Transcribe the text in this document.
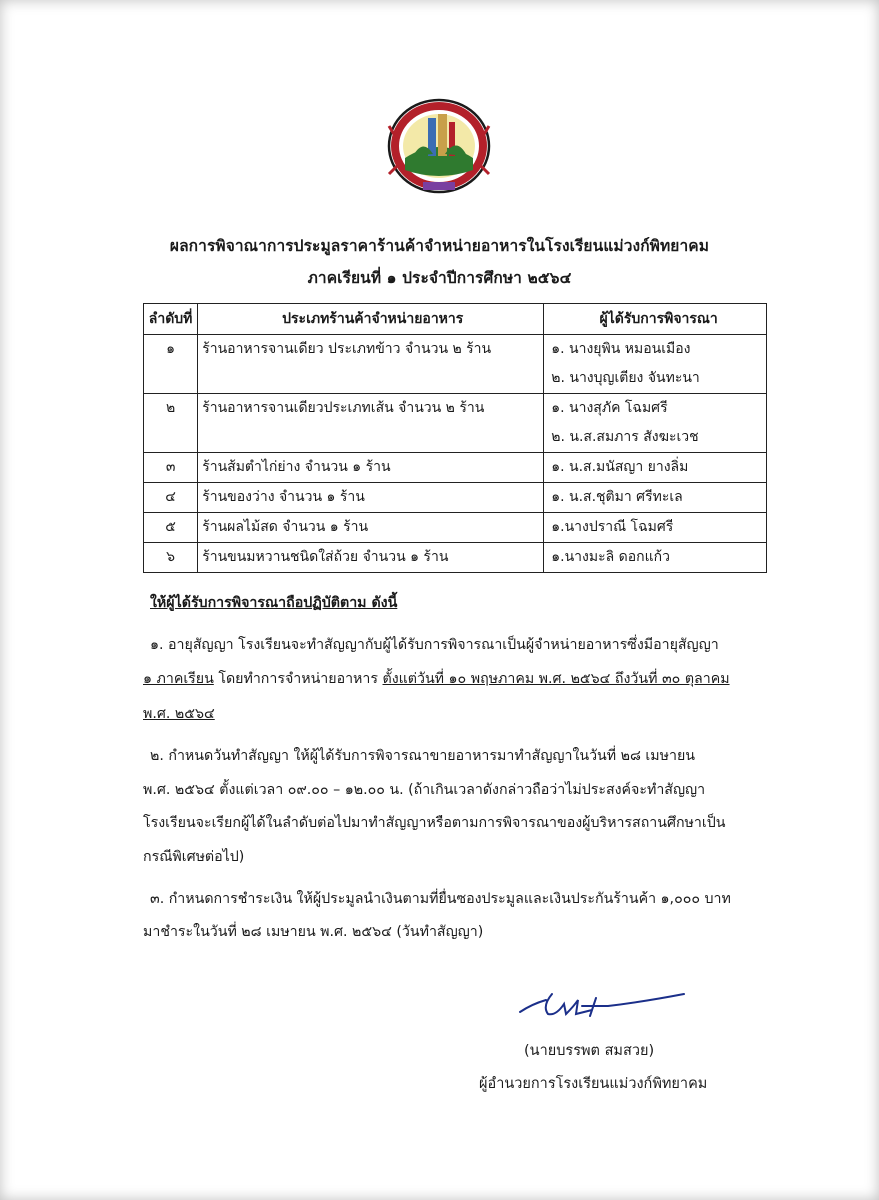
ผลการพิจาณาการประมูลราคาร้านค้าจำหน่ายอาหารในโรงเรียนแม่วงก์พิทยาคม
ภาคเรียนที่ ๑ ประจำปีการศึกษา ๒๕๖๔
ลำดับที่	ประเภทร้านค้าจำหน่ายอาหาร	ผู้ได้รับการพิจารณา

๑	ร้านอาหารจานเดียว ประเภทข้าว จำนวน ๒ ร้าน	๑. นางยุพิน หมอนเมือง
๒. นางบุญเตียง จันทะนา

๒	ร้านอาหารจานเดียวประเภทเส้น จำนวน ๒ ร้าน	๑. นางสุภัค โฉมศรี
๒. น.ส.สมภาร สังฆะเวช

๓	ร้านส้มตำไก่ย่าง จำนวน ๑ ร้าน	๑. น.ส.มนัสญา ยางลิ่ม

๔	ร้านของว่าง จำนวน ๑ ร้าน	๑. น.ส.ชุติมา ศรีทะเล

๕	ร้านผลไม้สด จำนวน ๑ ร้าน	๑.นางปราณี โฉมศรี

๖	ร้านขนมหวานชนิดใส่ถ้วย จำนวน ๑ ร้าน	๑.นางมะลิ ดอกแก้ว
ให้ผู้ได้รับการพิจารณาถือปฏิบัติตาม ดังนี้
๑. อายุสัญญา โรงเรียนจะทำสัญญากับผู้ได้รับการพิจารณาเป็นผู้จำหน่ายอาหารซึ่งมีอายุสัญญา
๑ ภาคเรียน โดยทำการจำหน่ายอาหาร ตั้งแต่วันที่ ๑๐ พฤษภาคม พ.ศ. ๒๕๖๔ ถึงวันที่ ๓๐ ตุลาคม
พ.ศ. ๒๕๖๔
๒. กำหนดวันทำสัญญา ให้ผู้ได้รับการพิจารณาขายอาหารมาทำสัญญาในวันที่ ๒๘ เมษายน
พ.ศ. ๒๕๖๔ ตั้งแต่เวลา ๐๙.๐๐ – ๑๒.๐๐ น. (ถ้าเกินเวลาดังกล่าวถือว่าไม่ประสงค์จะทำสัญญา
โรงเรียนจะเรียกผู้ได้ในลำดับต่อไปมาทำสัญญาหรือตามการพิจารณาของผู้บริหารสถานศึกษาเป็น
กรณีพิเศษต่อไป)
๓. กำหนดการชำระเงิน ให้ผู้ประมูลนำเงินตามที่ยื่นซองประมูลและเงินประกันร้านค้า ๑,๐๐๐ บาท
มาชำระในวันที่ ๒๘ เมษายน พ.ศ. ๒๕๖๔ (วันทำสัญญา)
(นายบรรพต สมสวย)
ผู้อำนวยการโรงเรียนแม่วงก์พิทยาคม
